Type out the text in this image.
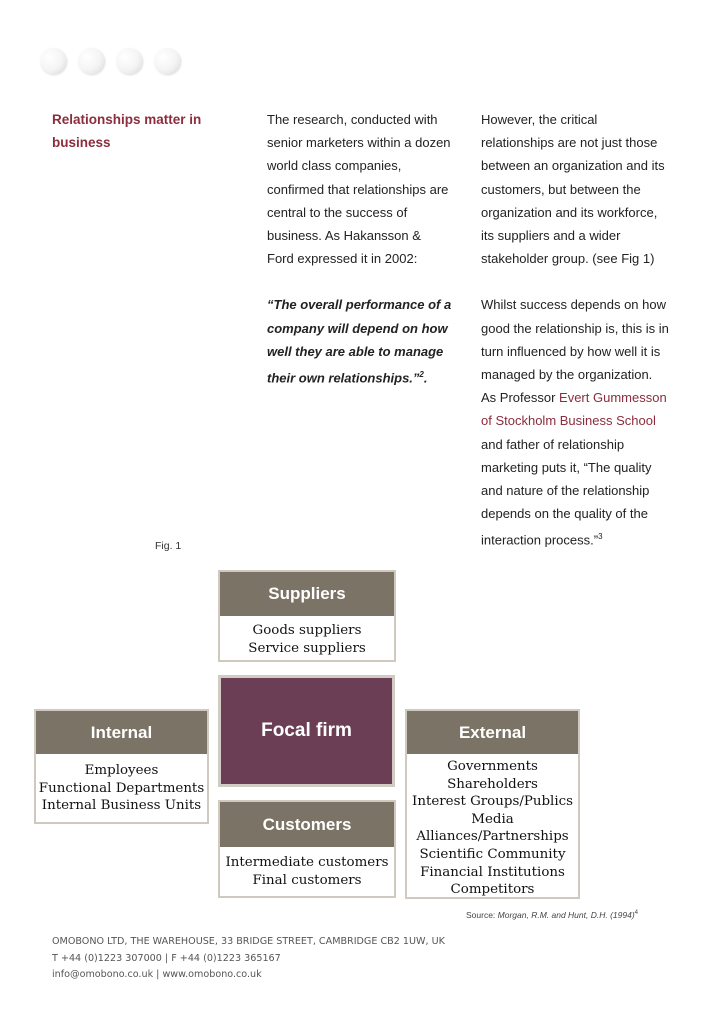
Relationships matter in
business

The research, conducted with

senior marketers within a dozen

world class companies,

confirmed that relationships are

central to the success of

business. As Hakansson &

Ford expressed it in 2002:

“The overall performance of a

company will depend on how

well they are able to manage

their own relationships.”$^2$.

However, the critical

relationships are not just those

between an organization and its

customers, but between the

organization and its workforce,

its suppliers and a wider

stakeholder group. (see Fig 1)

Whilst success depends on how

good the relationship is, this is in

turn influenced by how well it is

managed by the organization.

As Professor Evert Gummesson

of Stockholm Business School

and father of relationship

marketing puts it, “The quality

and nature of the relationship

depends on the quality of the

interaction process.”$^3$

Fig. 1
Suppliers
Goods suppliers
Service suppliers
Focal firm
Internal
Employees
Functional Departments
Internal Business Units
External
Governments
Shareholders
Interest Groups/Publics
Media
Alliances/Partnerships
Scientific Community
Financial Institutions
Competitors
Customers
Intermediate customers
Final customers
Source: Morgan, R.M. and Hunt, D.H. $(1994)^4$
OMOBONO LTD, THE WAREHOUSE, 33 BRIDGE STREET, CAMBRIDGE CB2 1UW, UK
T +44 (0)1223 307000 | F +44 (0)1223 365167
info@omobono.co.uk | www.omobono.co.uk
